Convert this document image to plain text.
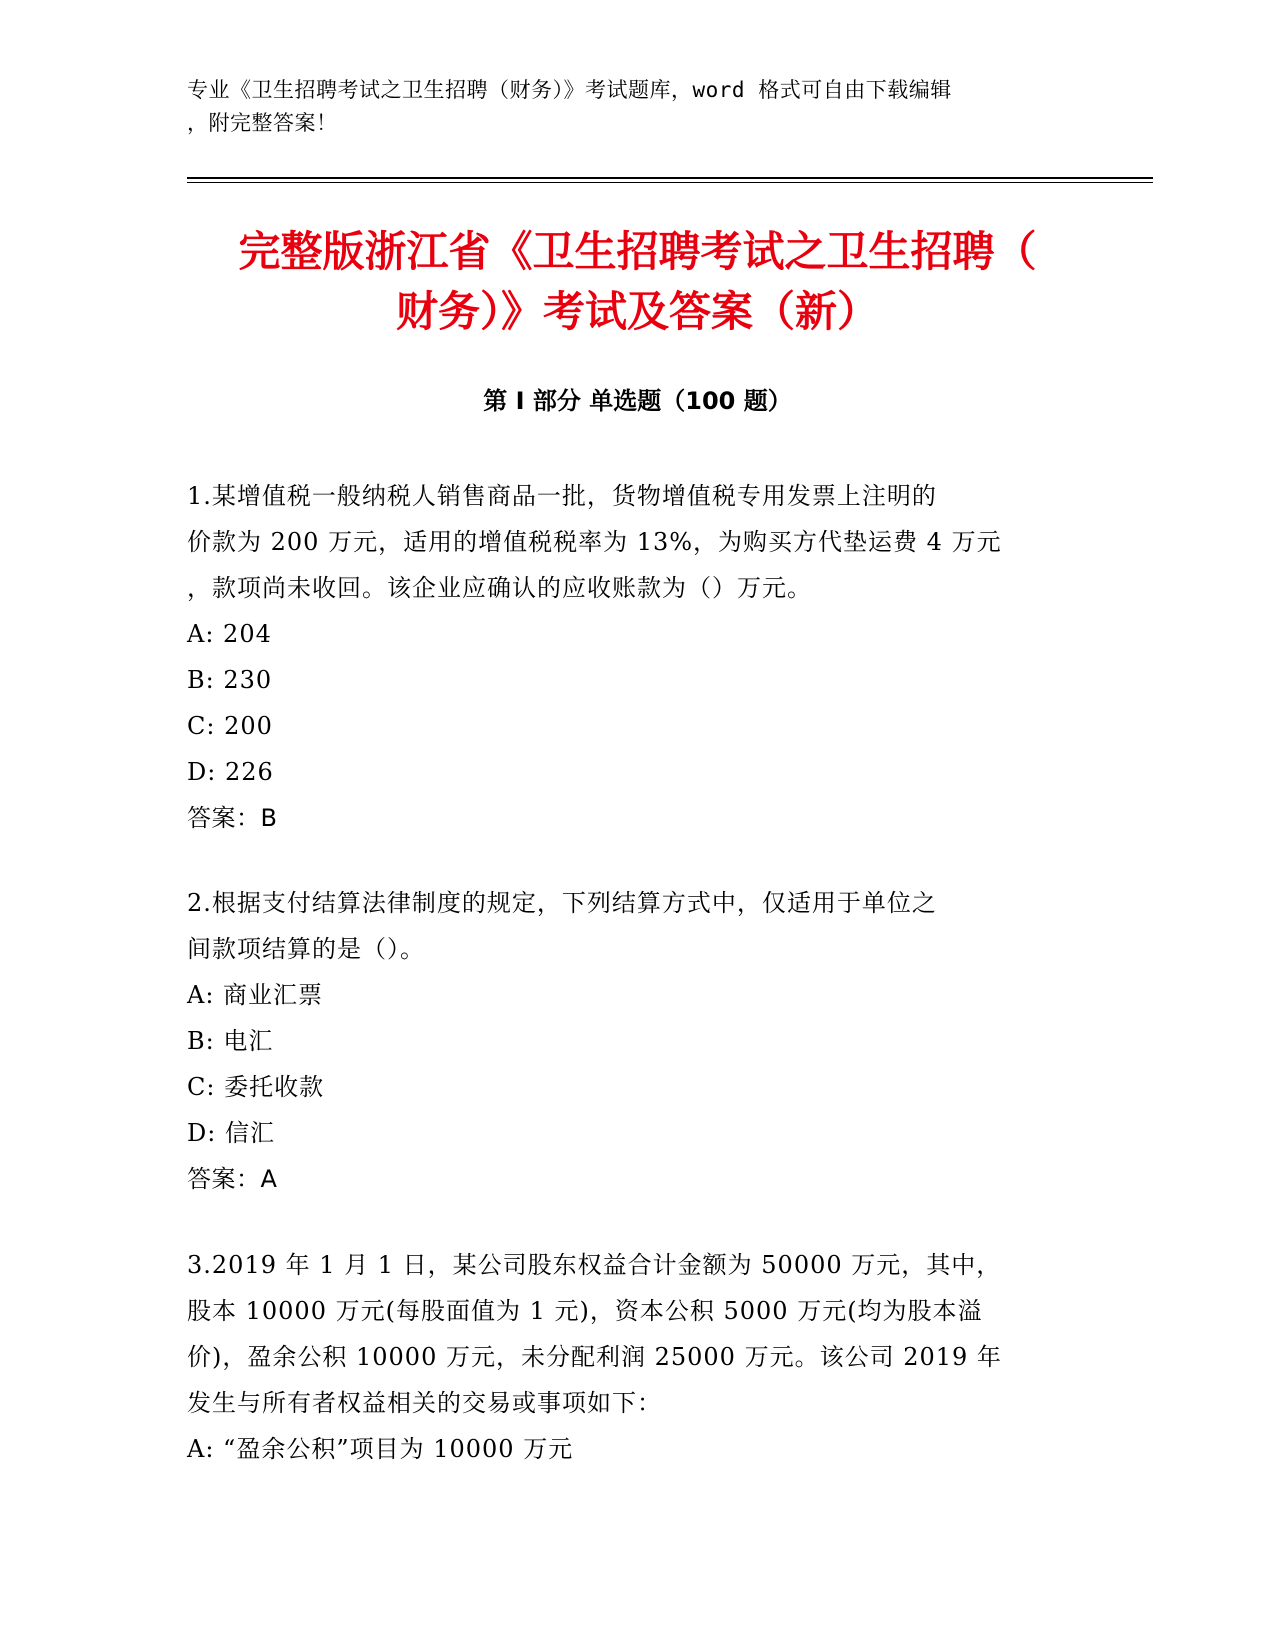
专业《卫生招聘考试之卫生招聘（财务）》考试题库，word 格式可自由下载编辑
，附完整答案！
完整版浙江省《卫生招聘考试之卫生招聘（
财务）》考试及答案（新）
第 I 部分 单选题（100 题）
1.某增值税一般纳税人销售商品一批，货物增值税专用发票上注明的
价款为 200 万元，适用的增值税税率为 13%，为购买方代垫运费 4 万元
，款项尚未收回。该企业应确认的应收账款为（）万元。
A: 204
B: 230
C: 200
D: 226
答案：B
2.根据支付结算法律制度的规定，下列结算方式中，仅适用于单位之
间款项结算的是（）。
A: 商业汇票
B: 电汇
C: 委托收款
D: 信汇
答案：A
3.2019 年 1 月 1 日，某公司股东权益合计金额为 50000 万元，其中，
股本 10000 万元(每股面值为 1 元)，资本公积 5000 万元(均为股本溢
价)，盈余公积 10000 万元，未分配利润 25000 万元。该公司 2019 年
发生与所有者权益相关的交易或事项如下：
A: “盈余公积”项目为 10000 万元
